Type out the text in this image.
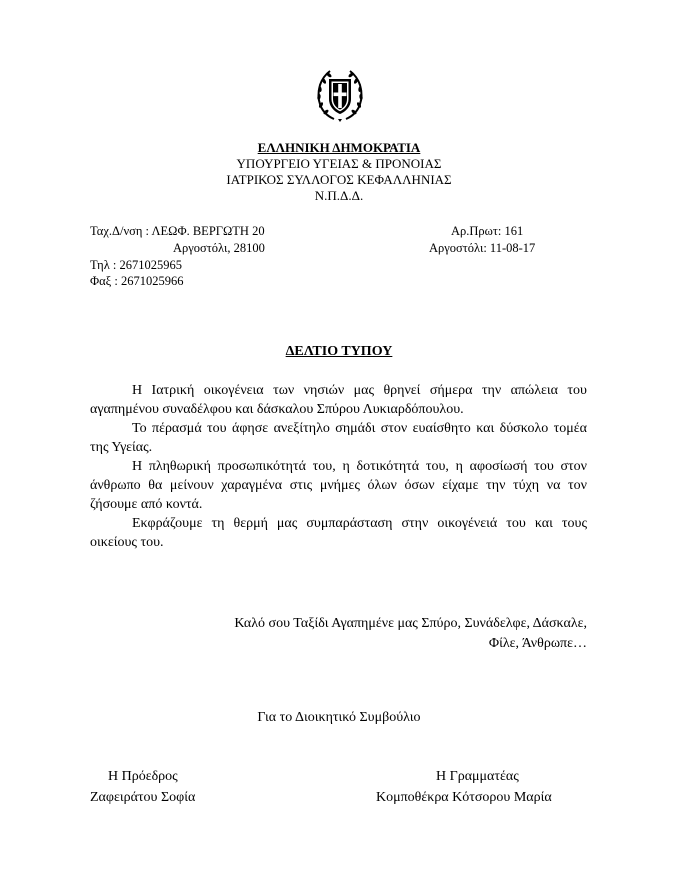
ΕΛΛΗΝΙΚΗ ΔΗΜΟΚΡΑΤΙΑ
ΥΠΟΥΡΓΕΙΟ ΥΓΕΙΑΣ & ΠΡΟΝΟΙΑΣ
ΙΑΤΡΙΚΟΣ ΣΥΛΛΟΓΟΣ ΚΕΦΑΛΛΗΝΙΑΣ
Ν.Π.Δ.Δ.
Ταχ.Δ/νση : ΛΕΩΦ. ΒΕΡΓΩΤΗ 20
Αργοστόλι, 28100
Τηλ : 2671025965
Φαξ : 2671025966
Αρ.Πρωτ: 161
Αργοστόλι: 11-08-17
ΔΕΛΤΙΟ ΤΥΠΟΥ

Η Ιατρική οικογένεια των νησιών μας θρηνεί σήμερα την απώλεια του αγαπημένου συναδέλφου και δάσκαλου Σπύρου Λυκιαρδόπουλου.

Το πέρασμά του άφησε ανεξίτηλο σημάδι στον ευαίσθητο και δύσκολο τομέα της Υγείας.

Η πληθωρική προσωπικότητά του, η δοτικότητά του, η αφοσίωσή του στον άνθρωπο θα μείνουν χαραγμένα στις μνήμες όλων όσων είχαμε την τύχη να τον ζήσουμε από κοντά.

Εκφράζουμε τη θερμή μας συμπαράσταση στην οικογένειά του και τους οικείους του.

Καλό σου Ταξίδι Αγαπημένε μας Σπύρο, Συνάδελφε, Δάσκαλε,
Φίλε, Άνθρωπε…
Για το Διοικητικό Συμβούλιο
Η Πρόεδρος
Ζαφειράτου Σοφία
Η Γραμματέας
Κομποθέκρα Κότσορου Μαρία
